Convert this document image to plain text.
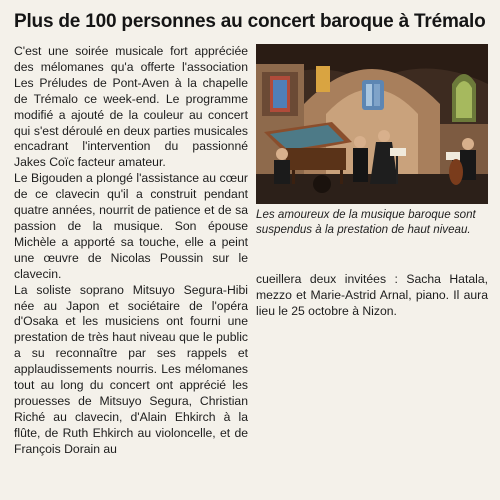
Plus de 100 personnes au concert baroque à Trémalo

C'est une soirée musicale fort appréciée des mélomanes qu'a offerte l'association Les Préludes de Pont-Aven à la chapelle de Trémalo ce week-end. Le programme modifié a ajouté de la couleur au concert qui s'est déroulé en deux parties musicales encadrant l'intervention du passionné Jakes Coïc facteur amateur.

Le Bigouden a plongé l'assistance au cœur de ce clavecin qu'il a construit pendant quatre années, nourrit de patience et de sa passion de la musique. Son épouse Michèle a apporté sa touche, elle a peint une œuvre de Nicolas Poussin sur le clavecin.

La soliste soprano Mitsuyo Segura-Hibi née au Japon et sociétaire de l'opéra d'Osaka et les musiciens ont fourni une prestation de très haut niveau que le public a su reconnaître par ses rappels et applaudissements nourris. Les mélomanes tout au long du concert ont apprécié les prouesses de Mitsuyo Segura, Christian Riché au clavecin, d'Alain Ehkirch à la flûte, de Ruth Ehkirch au violoncelle, et de François Dorain au

Les amoureux de la musique baroque sont suspendus à la prestation de haut niveau.

cueillera deux invitées : Sacha Hatala, mezzo et Marie-Astrid Arnal, piano. Il aura lieu le 25 octobre à Nizon.
